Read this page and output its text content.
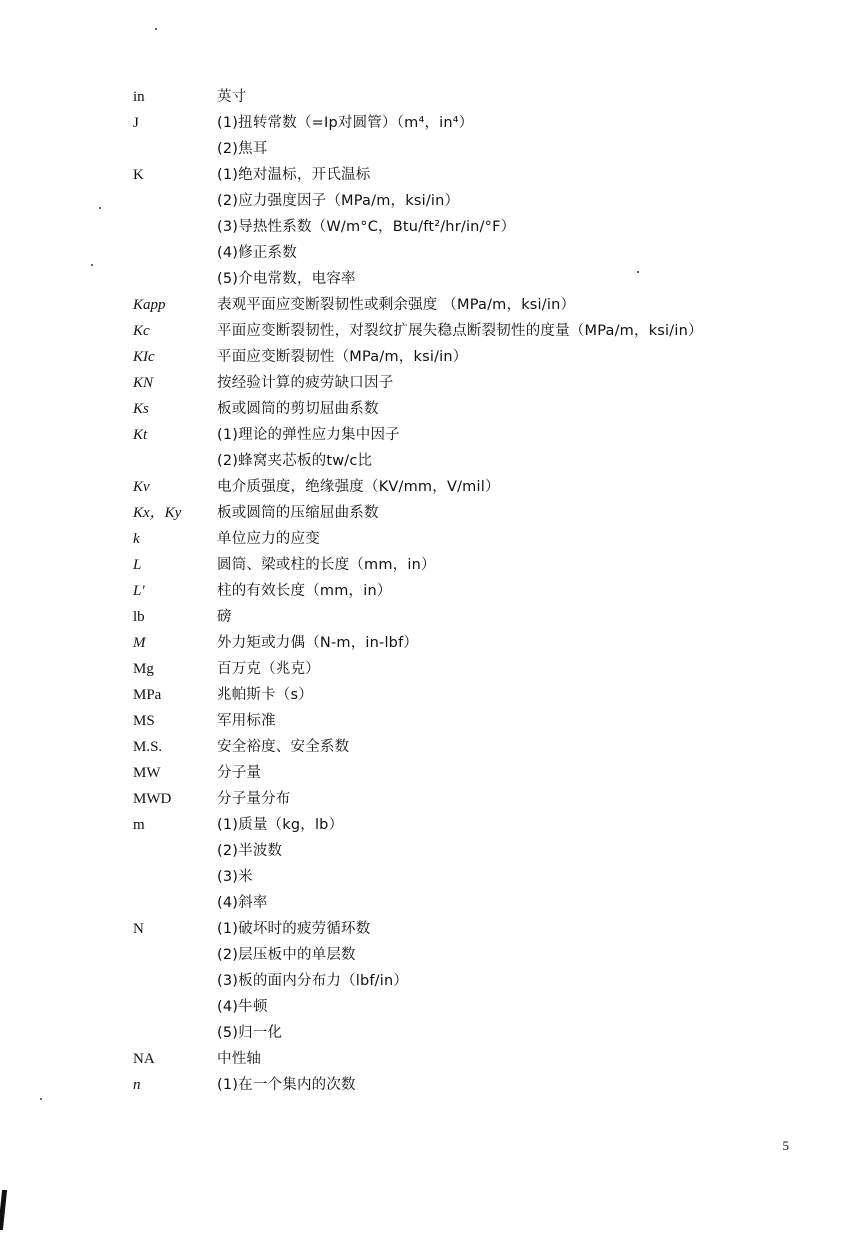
in	英寸
J	(1)扭转常数（=Ip对圆管）（m⁴，in⁴）
(2)焦耳
K	(1)绝对温标，开氏温标
(2)应力强度因子（MPa/m，ksi/in）
(3)导热性系数（W/m°C，Btu/ft²/hr/in/°F）
(4)修正系数
(5)介电常数，电容率
Kapp	表观平面应变断裂韧性或剩余强度 （MPa/m，ksi/in）
Kc	平面应变断裂韧性，对裂纹扩展失稳点断裂韧性的度量（MPa/m，ksi/in）
KIc	平面应变断裂韧性（MPa/m，ksi/in）
KN	按经验计算的疲劳缺口因子
Ks	板或圆筒的剪切屈曲系数
Kt	(1)理论的弹性应力集中因子
(2)蜂窝夹芯板的tw/c比
Kv	电介质强度，绝缘强度（KV/mm，V/mil）
Kx，Ky 板或圆筒的压缩屈曲系数
k	单位应力的应变
L	圆筒、梁或柱的长度（mm，in）
L'	柱的有效长度（mm，in）
lb	磅
M	外力矩或力偶（N-m，in-lbf）
Mg	百万克（兆克）
MPa	兆帕斯卡（s）
MS	军用标准
M.S.	安全裕度、安全系数
MW	分子量
MWD	分子量分布
m	(1)质量（kg，lb）
(2)半波数
(3)米
(4)斜率
N	(1)破坏时的疲劳循环数
(2)层压板中的单层数
(3)板的面内分布力（lbf/in）
(4)牛顿
(5)归一化
NA	中性轴
n	(1)在一个集内的次数
5
